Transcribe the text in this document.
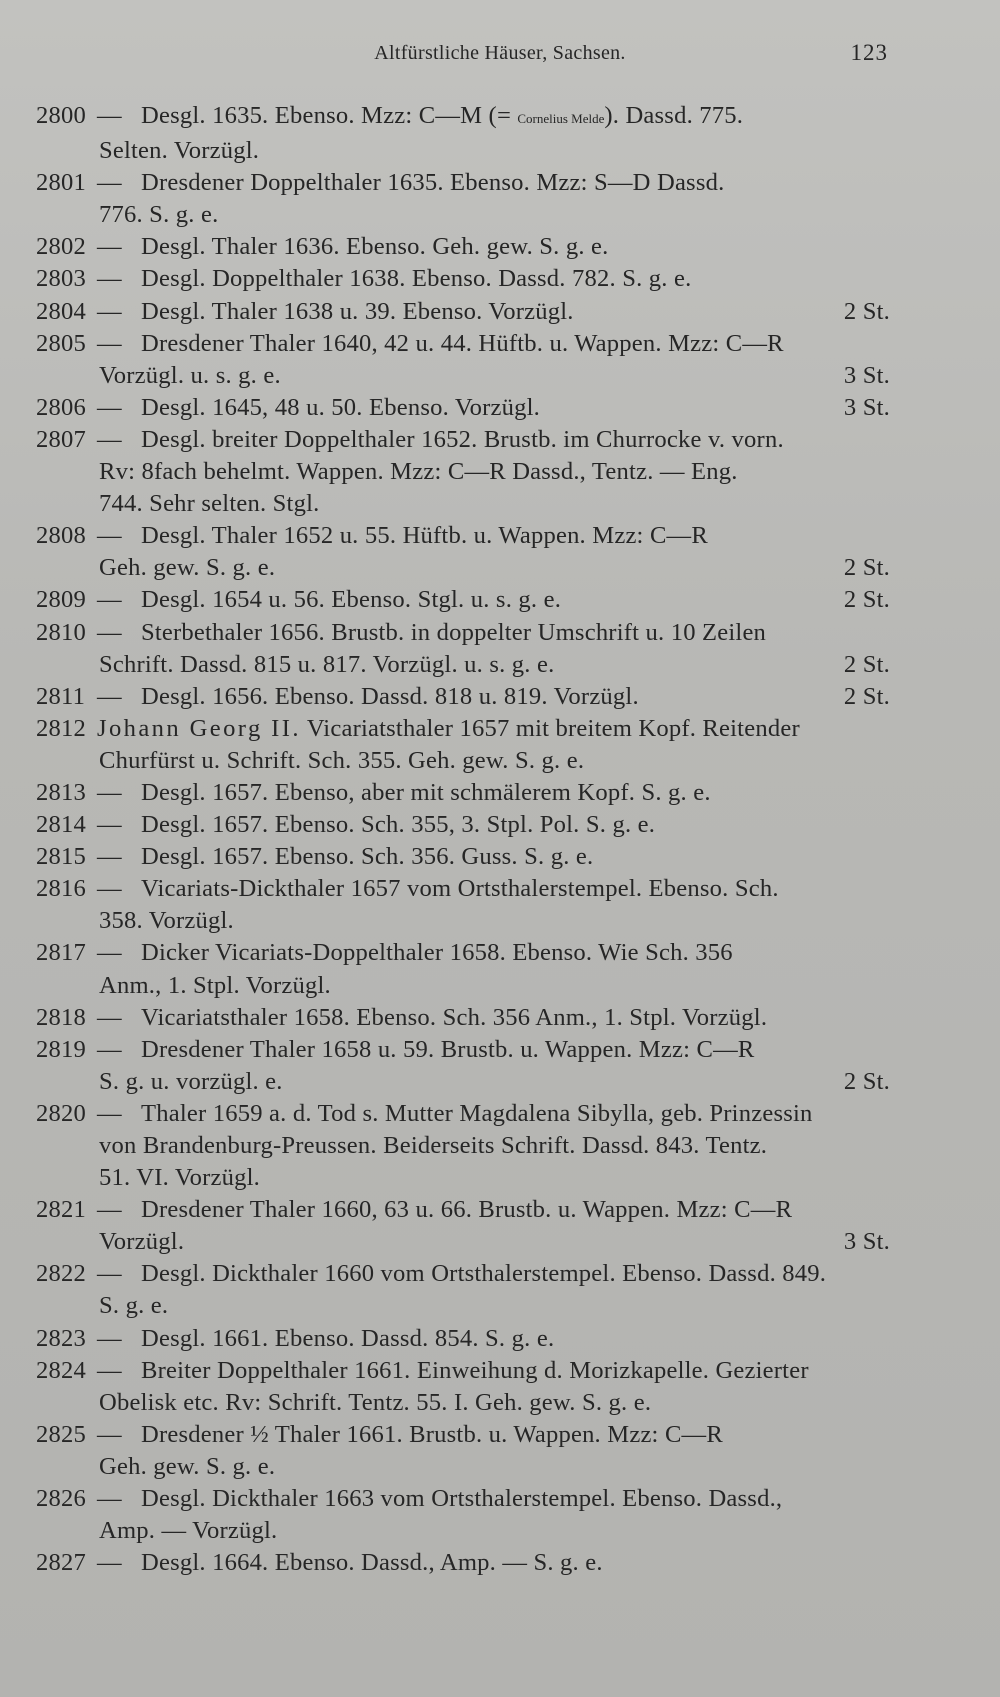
Altfürstliche Häuser, Sachsen.	123
2800 — Desgl. 1635. Ebenso. Mzz: C—M (= Cornelius Melde). Dassd. 775.
Selten. Vorzügl.
2801 — Dresdener Doppelthaler 1635. Ebenso. Mzz: S—D Dassd.
776. S. g. e.
2802 — Desgl. Thaler 1636. Ebenso. Geh. gew. S. g. e.
2803 — Desgl. Doppelthaler 1638. Ebenso. Dassd. 782. S. g. e.
2804 — Desgl. Thaler 1638 u. 39. Ebenso. Vorzügl.	2 St.
2805 — Dresdener Thaler 1640, 42 u. 44. Hüftb. u. Wappen. Mzz: C—R
Vorzügl. u. s. g. e.	3 St.
2806 — Desgl. 1645, 48 u. 50. Ebenso. Vorzügl.	3 St.
2807 — Desgl. breiter Doppelthaler 1652. Brustb. im Churrocke v. vorn.
Rv: 8fach behelmt. Wappen. Mzz: C—R Dassd., Tentz. — Eng.
744. Sehr selten. Stgl.
2808 — Desgl. Thaler 1652 u. 55. Hüftb. u. Wappen. Mzz: C—R
Geh. gew. S. g. e.	2 St.
2809 — Desgl. 1654 u. 56. Ebenso. Stgl. u. s. g. e.	2 St.
2810 — Sterbethaler 1656. Brustb. in doppelter Umschrift u. 10 Zeilen
Schrift. Dassd. 815 u. 817. Vorzügl. u. s. g. e.	2 St.
2811 — Desgl. 1656. Ebenso. Dassd. 818 u. 819. Vorzügl.	2 St.
2812 Johann Georg II. Vicariatsthaler 1657 mit breitem Kopf. Reitender
Churfürst u. Schrift. Sch. 355. Geh. gew. S. g. e.
2813 — Desgl. 1657. Ebenso, aber mit schmälerem Kopf. S. g. e.
2814 — Desgl. 1657. Ebenso. Sch. 355, 3. Stpl. Pol. S. g. e.
2815 — Desgl. 1657. Ebenso. Sch. 356. Guss. S. g. e.
2816 — Vicariats-Dickthaler 1657 vom Ortsthalerstempel. Ebenso. Sch.
358. Vorzügl.
2817 — Dicker Vicariats-Doppelthaler 1658. Ebenso. Wie Sch. 356
Anm., 1. Stpl. Vorzügl.
2818 — Vicariatsthaler 1658. Ebenso. Sch. 356 Anm., 1. Stpl. Vorzügl.
2819 — Dresdener Thaler 1658 u. 59. Brustb. u. Wappen. Mzz: C—R
S. g. u. vorzügl. e.	2 St.
2820 — Thaler 1659 a. d. Tod s. Mutter Magdalena Sibylla, geb. Prinzessin
von Brandenburg-Preussen. Beiderseits Schrift. Dassd. 843. Tentz.
51. VI. Vorzügl.
2821 — Dresdener Thaler 1660, 63 u. 66. Brustb. u. Wappen. Mzz: C—R
Vorzügl.	3 St.
2822 — Desgl. Dickthaler 1660 vom Ortsthalerstempel. Ebenso. Dassd. 849.
S. g. e.
2823 — Desgl. 1661. Ebenso. Dassd. 854. S. g. e.
2824 — Breiter Doppelthaler 1661. Einweihung d. Morizkapelle. Gezierter
Obelisk etc. Rv: Schrift. Tentz. 55. I. Geh. gew. S. g. e.
2825 — Dresdener ½ Thaler 1661. Brustb. u. Wappen. Mzz: C—R
Geh. gew. S. g. e.
2826 — Desgl. Dickthaler 1663 vom Ortsthalerstempel. Ebenso. Dassd.,
Amp. — Vorzügl.
2827 — Desgl. 1664. Ebenso. Dassd., Amp. — S. g. e.
